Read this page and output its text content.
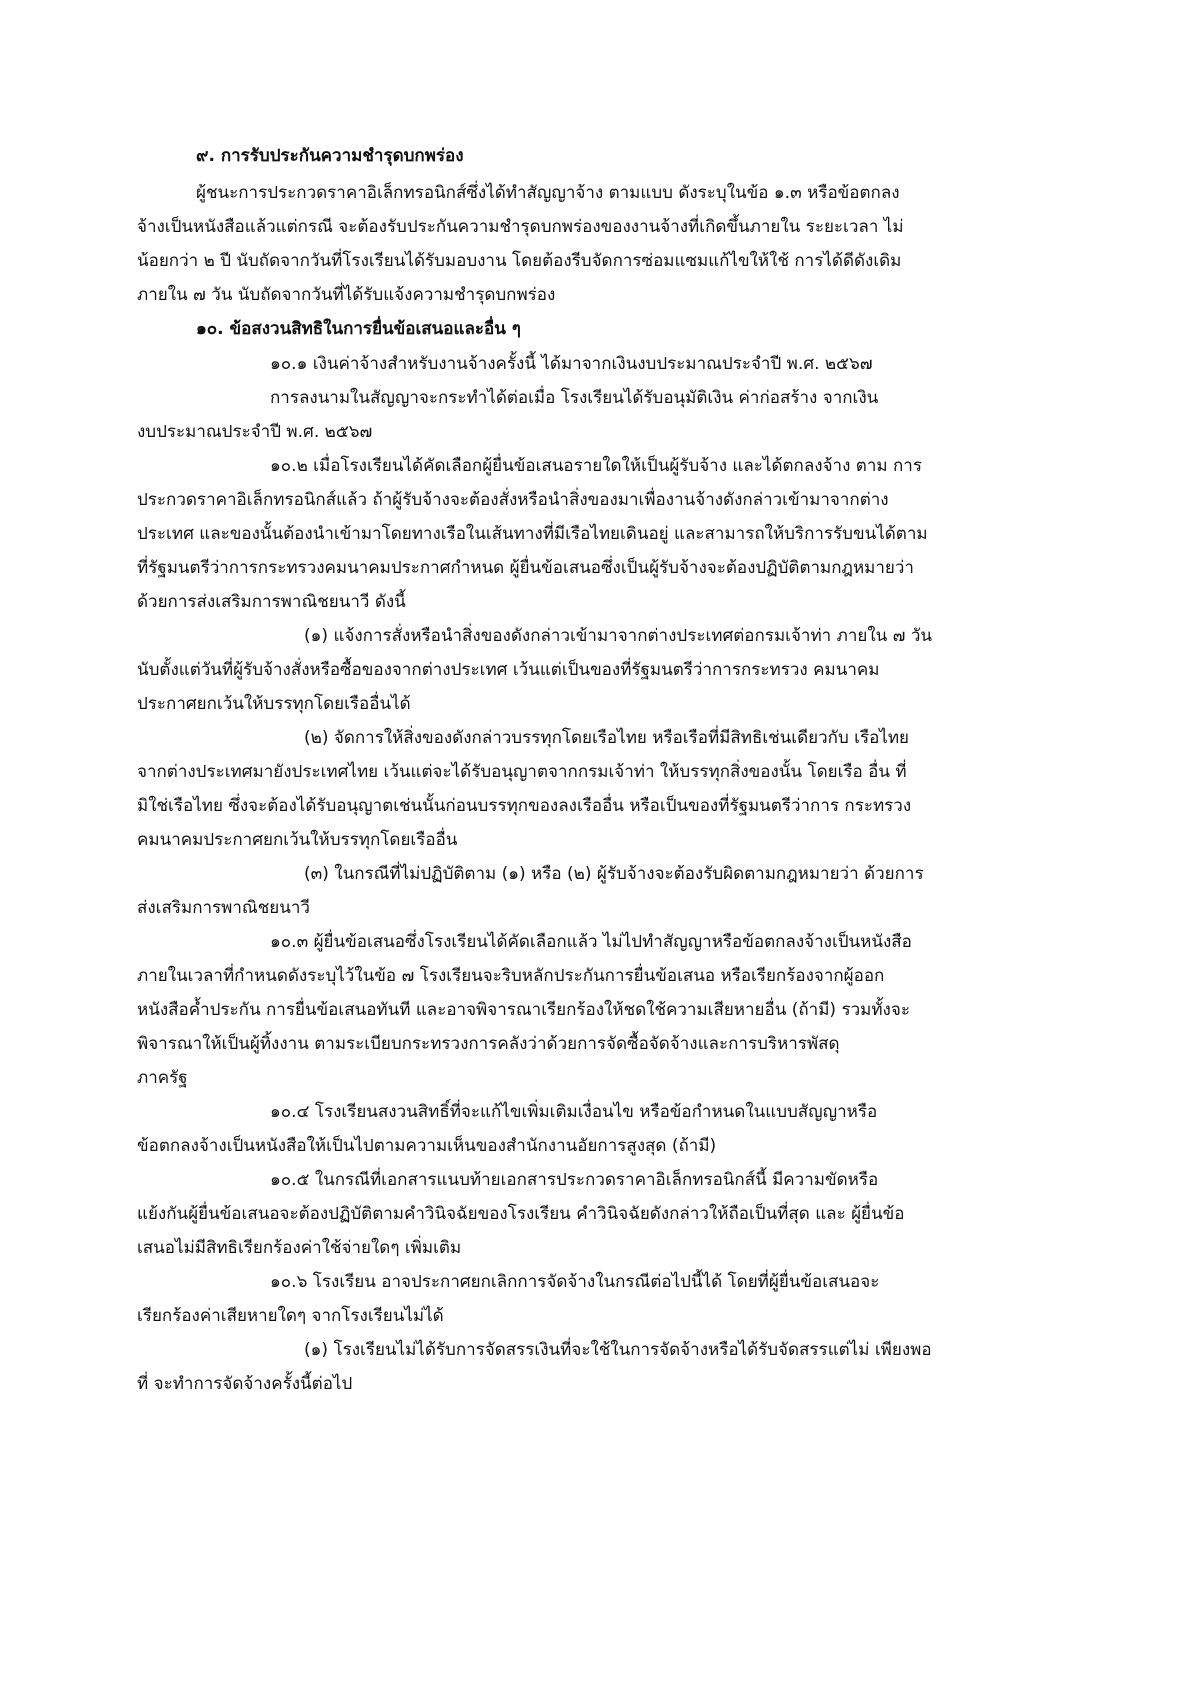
๙. การรับประกันความชำรุดบกพร่อง
ผู้ชนะการประกวดราคาอิเล็กทรอนิกส์ซึ่งได้ทำสัญญาจ้าง ตามแบบ ดังระบุในข้อ ๑.๓ หรือข้อตกลง
จ้างเป็นหนังสือแล้วแต่กรณี จะต้องรับประกันความชำรุดบกพร่องของงานจ้างที่เกิดขึ้นภายใน ระยะเวลา ไม่
น้อยกว่า ๒ ปี นับถัดจากวันที่โรงเรียนได้รับมอบงาน โดยต้องรีบจัดการซ่อมแซมแก้ไขให้ใช้ การได้ดีดังเดิม
ภายใน ๗ วัน นับถัดจากวันที่ได้รับแจ้งความชำรุดบกพร่อง
๑๐. ข้อสงวนสิทธิในการยื่นข้อเสนอและอื่น ๆ
๑๐.๑ เงินค่าจ้างสำหรับงานจ้างครั้งนี้ ได้มาจากเงินงบประมาณประจำปี พ.ศ. ๒๕๖๗
การลงนามในสัญญาจะกระทำได้ต่อเมื่อ โรงเรียนได้รับอนุมัติเงิน ค่าก่อสร้าง จากเงิน
งบประมาณประจำปี พ.ศ. ๒๕๖๗
๑๐.๒ เมื่อโรงเรียนได้คัดเลือกผู้ยื่นข้อเสนอรายใดให้เป็นผู้รับจ้าง และได้ตกลงจ้าง ตาม การ
ประกวดราคาอิเล็กทรอนิกส์แล้ว ถ้าผู้รับจ้างจะต้องสั่งหรือนำสิ่งของมาเพื่องานจ้างดังกล่าวเข้ามาจากต่าง
ประเทศ และของนั้นต้องนำเข้ามาโดยทางเรือในเส้นทางที่มีเรือไทยเดินอยู่ และสามารถให้บริการรับขนได้ตาม
ที่รัฐมนตรีว่าการกระทรวงคมนาคมประกาศกำหนด ผู้ยื่นข้อเสนอซึ่งเป็นผู้รับจ้างจะต้องปฏิบัติตามกฎหมายว่า
ด้วยการส่งเสริมการพาณิชยนาวี ดังนี้
(๑) แจ้งการสั่งหรือนำสิ่งของดังกล่าวเข้ามาจากต่างประเทศต่อกรมเจ้าท่า ภายใน ๗ วัน
นับตั้งแต่วันที่ผู้รับจ้างสั่งหรือซื้อของจากต่างประเทศ เว้นแต่เป็นของที่รัฐมนตรีว่าการกระทรวง คมนาคม
ประกาศยกเว้นให้บรรทุกโดยเรืออื่นได้
(๒) จัดการให้สิ่งของดังกล่าวบรรทุกโดยเรือไทย หรือเรือที่มีสิทธิเช่นเดียวกับ เรือไทย
จากต่างประเทศมายังประเทศไทย เว้นแต่จะได้รับอนุญาตจากกรมเจ้าท่า ให้บรรทุกสิ่งของนั้น โดยเรือ อื่น ที่
มิใช่เรือไทย ซึ่งจะต้องได้รับอนุญาตเช่นนั้นก่อนบรรทุกของลงเรืออื่น หรือเป็นของที่รัฐมนตรีว่าการ กระทรวง
คมนาคมประกาศยกเว้นให้บรรทุกโดยเรืออื่น
(๓) ในกรณีที่ไม่ปฏิบัติตาม (๑) หรือ (๒) ผู้รับจ้างจะต้องรับผิดตามกฎหมายว่า ด้วยการ
ส่งเสริมการพาณิชยนาวี
๑๐.๓ ผู้ยื่นข้อเสนอซึ่งโรงเรียนได้คัดเลือกแล้ว ไม่ไปทำสัญญาหรือข้อตกลงจ้างเป็นหนังสือ
ภายในเวลาที่กำหนดดังระบุไว้ในข้อ ๗ โรงเรียนจะริบหลักประกันการยื่นข้อเสนอ หรือเรียกร้องจากผู้ออก
หนังสือค้ำประกัน การยื่นข้อเสนอทันที และอาจพิจารณาเรียกร้องให้ชดใช้ความเสียหายอื่น (ถ้ามี) รวมทั้งจะ
พิจารณาให้เป็นผู้ทิ้งงาน ตามระเบียบกระทรวงการคลังว่าด้วยการจัดซื้อจัดจ้างและการบริหารพัสดุ
ภาครัฐ
๑๐.๔ โรงเรียนสงวนสิทธิ์ที่จะแก้ไขเพิ่มเติมเงื่อนไข หรือข้อกำหนดในแบบสัญญาหรือ
ข้อตกลงจ้างเป็นหนังสือให้เป็นไปตามความเห็นของสำนักงานอัยการสูงสุด (ถ้ามี)
๑๐.๕ ในกรณีที่เอกสารแนบท้ายเอกสารประกวดราคาอิเล็กทรอนิกส์นี้ มีความขัดหรือ
แย้งกันผู้ยื่นข้อเสนอจะต้องปฏิบัติตามคำวินิจฉัยของโรงเรียน คำวินิจฉัยดังกล่าวให้ถือเป็นที่สุด และ ผู้ยื่นข้อ
เสนอไม่มีสิทธิเรียกร้องค่าใช้จ่ายใดๆ เพิ่มเติม
๑๐.๖ โรงเรียน อาจประกาศยกเลิกการจัดจ้างในกรณีต่อไปนี้ได้ โดยที่ผู้ยื่นข้อเสนอจะ
เรียกร้องค่าเสียหายใดๆ จากโรงเรียนไม่ได้
(๑) โรงเรียนไม่ได้รับการจัดสรรเงินที่จะใช้ในการจัดจ้างหรือได้รับจัดสรรแต่ไม่ เพียงพอ
ที่ จะทำการจัดจ้างครั้งนี้ต่อไป
